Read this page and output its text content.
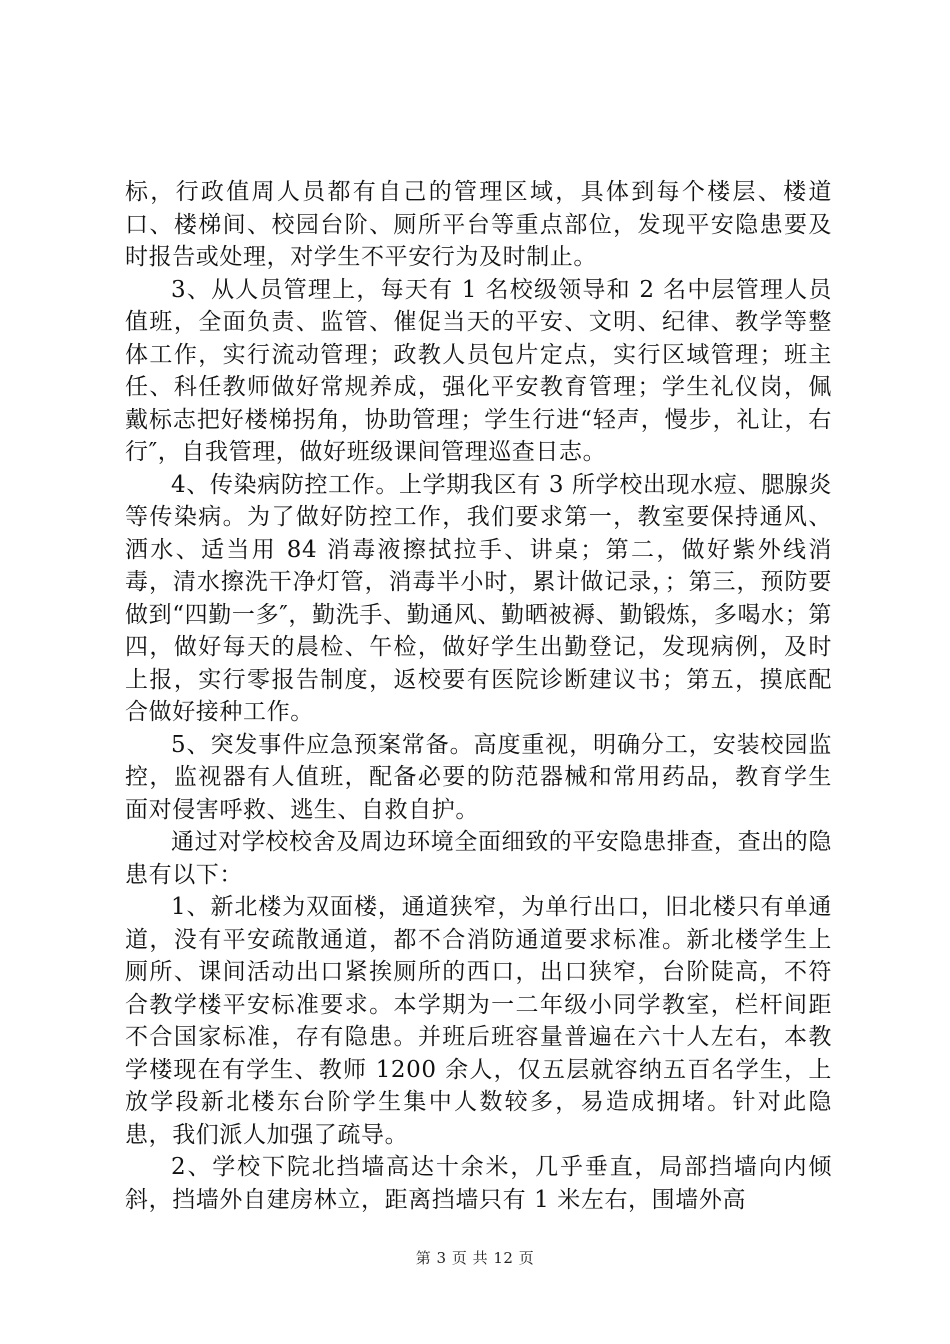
标，行政值周人员都有自己的管理区域，具体到每个楼层、楼道口、楼梯间、校园台阶、厕所平台等重点部位，发现平安隐患要及时报告或处理，对学生不平安行为及时制止。

3、从人员管理上，每天有 1 名校级领导和 2 名中层管理人员值班，全面负责、监管、催促当天的平安、文明、纪律、教学等整体工作，实行流动管理；政教人员包片定点，实行区域管理；班主任、科任教师做好常规养成，强化平安教育管理；学生礼仪岗，佩戴标志把好楼梯拐角，协助管理；学生行进“轻声，慢步，礼让，右行″，自我管理，做好班级课间管理巡查日志。

4、传染病防控工作。上学期我区有 3 所学校出现水痘、腮腺炎等传染病。为了做好防控工作，我们要求第一，教室要保持通风、洒水、适当用 84 消毒液擦拭拉手、讲桌；第二，做好紫外线消毒，清水擦洗干净灯管，消毒半小时，累计做记录，；第三，预防要做到“四勤一多″，勤洗手、勤通风、勤晒被褥、勤锻炼，多喝水；第四，做好每天的晨检、午检，做好学生出勤登记，发现病例，及时上报，实行零报告制度，返校要有医院诊断建议书；第五，摸底配合做好接种工作。

5、突发事件应急预案常备。高度重视，明确分工，安装校园监控，监视器有人值班，配备必要的防范器械和常用药品，教育学生面对侵害呼救、逃生、自救自护。

通过对学校校舍及周边环境全面细致的平安隐患排查，查出的隐患有以下：

1、新北楼为双面楼，通道狭窄，为单行出口，旧北楼只有单通道，没有平安疏散通道，都不合消防通道要求标准。新北楼学生上厕所、课间活动出口紧挨厕所的西口，出口狭窄，台阶陡高，不符合教学楼平安标准要求。本学期为一二年级小同学教室，栏杆间距不合国家标准，存有隐患。并班后班容量普遍在六十人左右，本教学楼现在有学生、教师 1200 余人，仅五层就容纳五百名学生，上放学段新北楼东台阶学生集中人数较多，易造成拥堵。针对此隐患，我们派人加强了疏导。

2、学校下院北挡墙高达十余米，几乎垂直，局部挡墙向内倾斜，挡墙外自建房林立，距离挡墙只有 1 米左右，围墙外高

第 3 页 共 12 页
